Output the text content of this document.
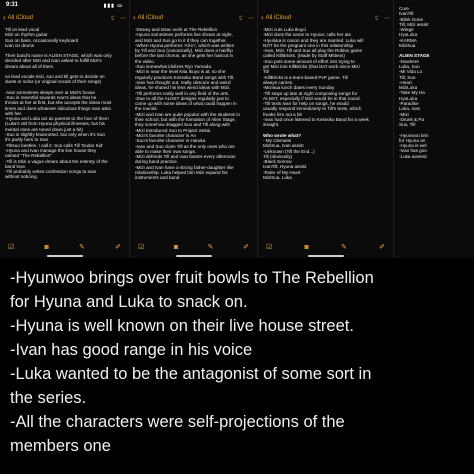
9:31	▮▮▮ ▭
‹ All iCloud	⇪ ⋯
Till on lead vocal
Mizi on rhythm guitar
Suo on bass, occasionally keyboard
Ivan on drums
Their band's name is ALIEN STAGE, which was only
decided after Mizi and Ivan asked to fulfill Mizi's
dream about all of them.
no lead vocals mizi, suo and till gets to decide on
duets or solos (ur original vocals of their songs)
-Ivan sometimes sleeps over at Mizi's house
-Suo is resentful towards Ivan's ideas that he
throws at her at first, but she accepts the ideas most
times and does whatever ridiculous things Ivan asks
with her.
-Hyuna and Luka act as parents to the four of them
(Luka's old from Hyuna physical illnesses, but his
mental ones are toned down just a bit)
-Suo is slightly brainrotted, but only when it's Suo
it's partly hers to Ivan.
-Tiltsuo beetles. I call it: Suo calls Till 'Guitar Kid'
-Hyuna and Ivan manage the live house they
named "The Rebellion"
-Till is Mizi a vague dream about the entirety of the
band love.
-Till probably writes confession songs to Ivan
without noticing.
☑	◙	✎	✐
‹ All iCloud	⇪ ⋯
-Dewey and Issac work at The Rebellion.
-Hyuna sometimes performs live shows at night,
and Mizi and Suo go to it if they can together.
-When Hyuna performs 'All-in', which was written
by Till and Suo (canonically), Mizi does a hairflip
before the last chorus, as she gets her haircut in
the video.
-Suo somewhat idolizes Ryo Yamada.
-Mizi is near the level Kita Ikuyo is at, so she
regularly practices Kessoku Band songs with Till.
-Ivan has thought out, really obscure and weird
ideas, he shared his less weird ideas with Mizi.
-Till performs really well in any field of the arts.
-Due to all the ALNST designs regularly just to
come up with some ideas of what could happen in
the rounds.
-Mizi and Ivan are quite popular with the students in
their school, but with the formation of Alien Stage,
they somehow dragged Suo and Till along with
-Mizi introduced Suo to Project Sekai.
-Mizi's favorite character is An
-Suo's favorite character is Haruka
-Ivan and Suo claim Till as the only ones who are
able to make their own songs.
-Mizi defends Till and Ivan banter every afternoon
during band practice.
-Mizi and Ivan have a strong father-daughter like
relationship. Luka helped him Mizi expand his
instruments and band.
☑	◙	✎	✐
‹ All iCloud	⇪ ⋯
-Mizi cuts Luka Ikuyo
-Mizi does the same to Hyuna; calls her ate
-Hyuluka is canon and they are married. Luka will
NOT be the pregnant one in this relationship
-Ivan, Mizi, Till and Suo all play the Roblox game
called KillBricks. (Made by Staff Mittens)
-Suo puts some amount of effort into trying to
get Mizi into KillBricks (that isn't work since Mizi
Till
-KillBricks is a team-based PvP game. Till
always carries.
-Mizisua lunch dates every Sunday
-Till stays up late at night composing songs for
ALNST, especially if Mizi would be in that round.
-Till texts Ivan for help on songs, he would
usually respond immediately to Till's texts, which
freaks him out a bit
-Ivan had once listened to Kessoku Band for a week
straight.
Who wrote what?
- My Clematis
MiziSua, Ivan assist
-Unknown (Till the End...)
Till (obviously)
-Black Sorrow
IvanTill, Hyuna assist
-Ruler of My Heart
MiziSua, Luka
☑	◙	✎	✐
Cure
IvanTill
-Blink Gone
Till, Mizi assist
-Wiege
HyuLuka
-KARMA
MiziSua
ALIEN STAGE
-Nowhere
Luka, Suo
-Mi Vida Lo
Till, Suo
-Heart
MiziLuka
-Take My Ha
HyuLuka
-Paradise
Luka, Ivan
-Mizi
-Drunk & Pa
Suo, Till
-Hyunwoo brin
for Hyuna an
-Hyuna is wel
-Ivan has goo
-Luka wanted
-Hyunwoo brings over fruit bowls to The Rebellion
for Hyuna and Luka to snack on.
-Hyuna is well known on their live house street.
-Ivan has good range in his voice
-Luka wanted to be the antagonist of some sort in
the series.
-All the characters were self-projections of the
members one
